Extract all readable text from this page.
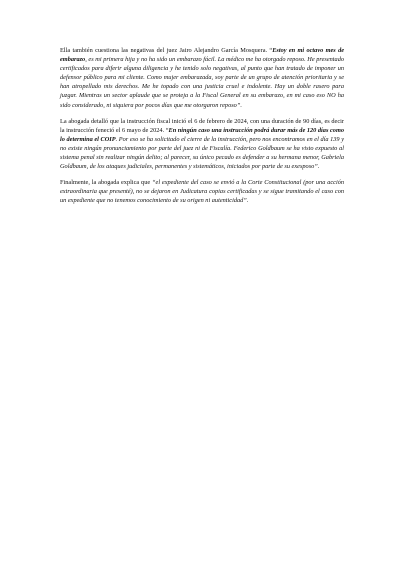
Ella también cuestiona las negativas del juez Jairo Alejandro García Mosquera. “Estoy en mi octavo mes de embarazo, es mi primera hija y no ha sido un embarazo fácil. La médico me ha otorgado reposo. He presentado certificados para diferir alguna diligencia y he tenido solo negativas, al punto que han tratado de imponer un defensor público para mi cliente. Como mujer embarazada, soy parte de un grupo de atención prioritaria y se han atropellado mis derechos. Me he topado con una justicia cruel e indolente. Hay un doble rasero para juzgar. Mientras un sector aplaude que se proteja a la Fiscal General en su embarazo, en mi caso eso NO ha sido considerado, ni siquiera por pocos días que me otorgaron reposo”.

La abogada detalló que la instrucción fiscal inició el 6 de febrero de 2024, con una duración de 90 días, es decir la instrucción feneció el 6 mayo de 2024. “En ningún caso una instrucción podrá durar más de 120 días como lo determina el COIP. Por eso se ha solicitado el cierre de la instrucción, pero nos encontramos en el día 139 y no existe ningún pronunciamiento por parte del juez ni de Fiscalía. Federico Goldbaum se ha visto expuesto al sistema penal sin realizar ningún delito; al parecer, su único pecado es defender a su hermana menor, Gabriela Goldbaum, de los ataques judiciales, permanentes y sistemáticos, iniciados por parte de su exesposo”.

Finalmente, la abogada explica que “el expediente del caso se envió a la Corte Constitucional (por una acción extraordinaria que presenté), no se dejaron en Judicatura copias certificadas y se sigue tramitando el caso con un expediente que no tenemos conocimiento de su origen ni autenticidad”.
